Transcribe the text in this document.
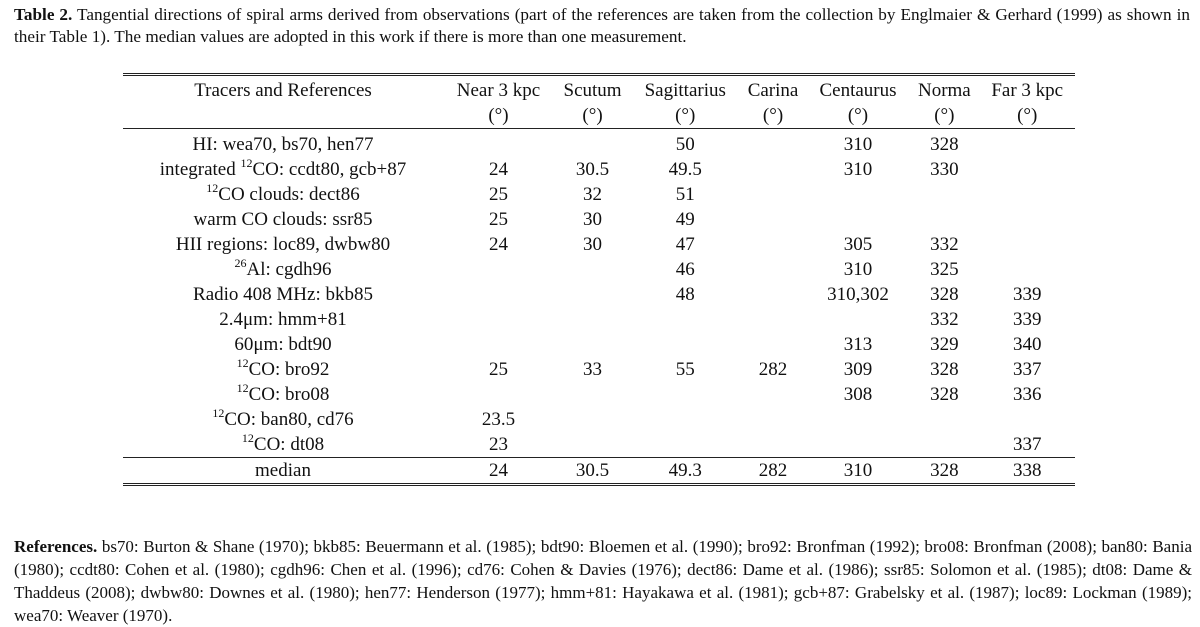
Table 2. Tangential directions of spiral arms derived from observations (part of the references are taken from the collection by Englmaier & Gerhard (1999) as shown in their Table 1). The median values are adopted in this work if there is more than one measurement.
Tracers and References	Near 3 kpc	Scutum	Sagittarius	Carina	Centaurus	Norma	Far 3 kpc
	(°)	(°)	(°)	(°)	(°)	(°)	(°)
HI: wea70, bs70, hen77			50		310	328	
integrated $^{12}$CO: ccdt80, gcb+87	24	30.5	49.5		310	330	
$^{12}$CO clouds: dect86	25	32	51				
warm CO clouds: ssr85	25	30	49				
HII regions: loc89, dwbw80	24	30	47		305	332	
$^{26}$Al: cgdh96			46		310	325	
Radio 408 MHz: bkb85			48		310,302	328	339
2.4μm: hmm+81						332	339
60μm: bdt90					313	329	340
$^{12}$CO: bro92	25	33	55	282	309	328	337
$^{12}$CO: bro08					308	328	336
$^{12}$CO: ban80, cd76	23.5						
$^{12}$CO: dt08	23						337
median	24	30.5	49.3	282	310	328	338
References. bs70: Burton & Shane (1970); bkb85: Beuermann et al. (1985); bdt90: Bloemen et al. (1990); bro92: Bronfman (1992); bro08: Bronfman (2008); ban80: Bania (1980); ccdt80: Cohen et al. (1980); cgdh96: Chen et al. (1996); cd76: Cohen & Davies (1976); dect86: Dame et al. (1986); ssr85: Solomon et al. (1985); dt08: Dame & Thaddeus (2008); dwbw80: Downes et al. (1980); hen77: Henderson (1977); hmm+81: Hayakawa et al. (1981); gcb+87: Grabelsky et al. (1987); loc89: Lockman (1989); wea70: Weaver (1970).
